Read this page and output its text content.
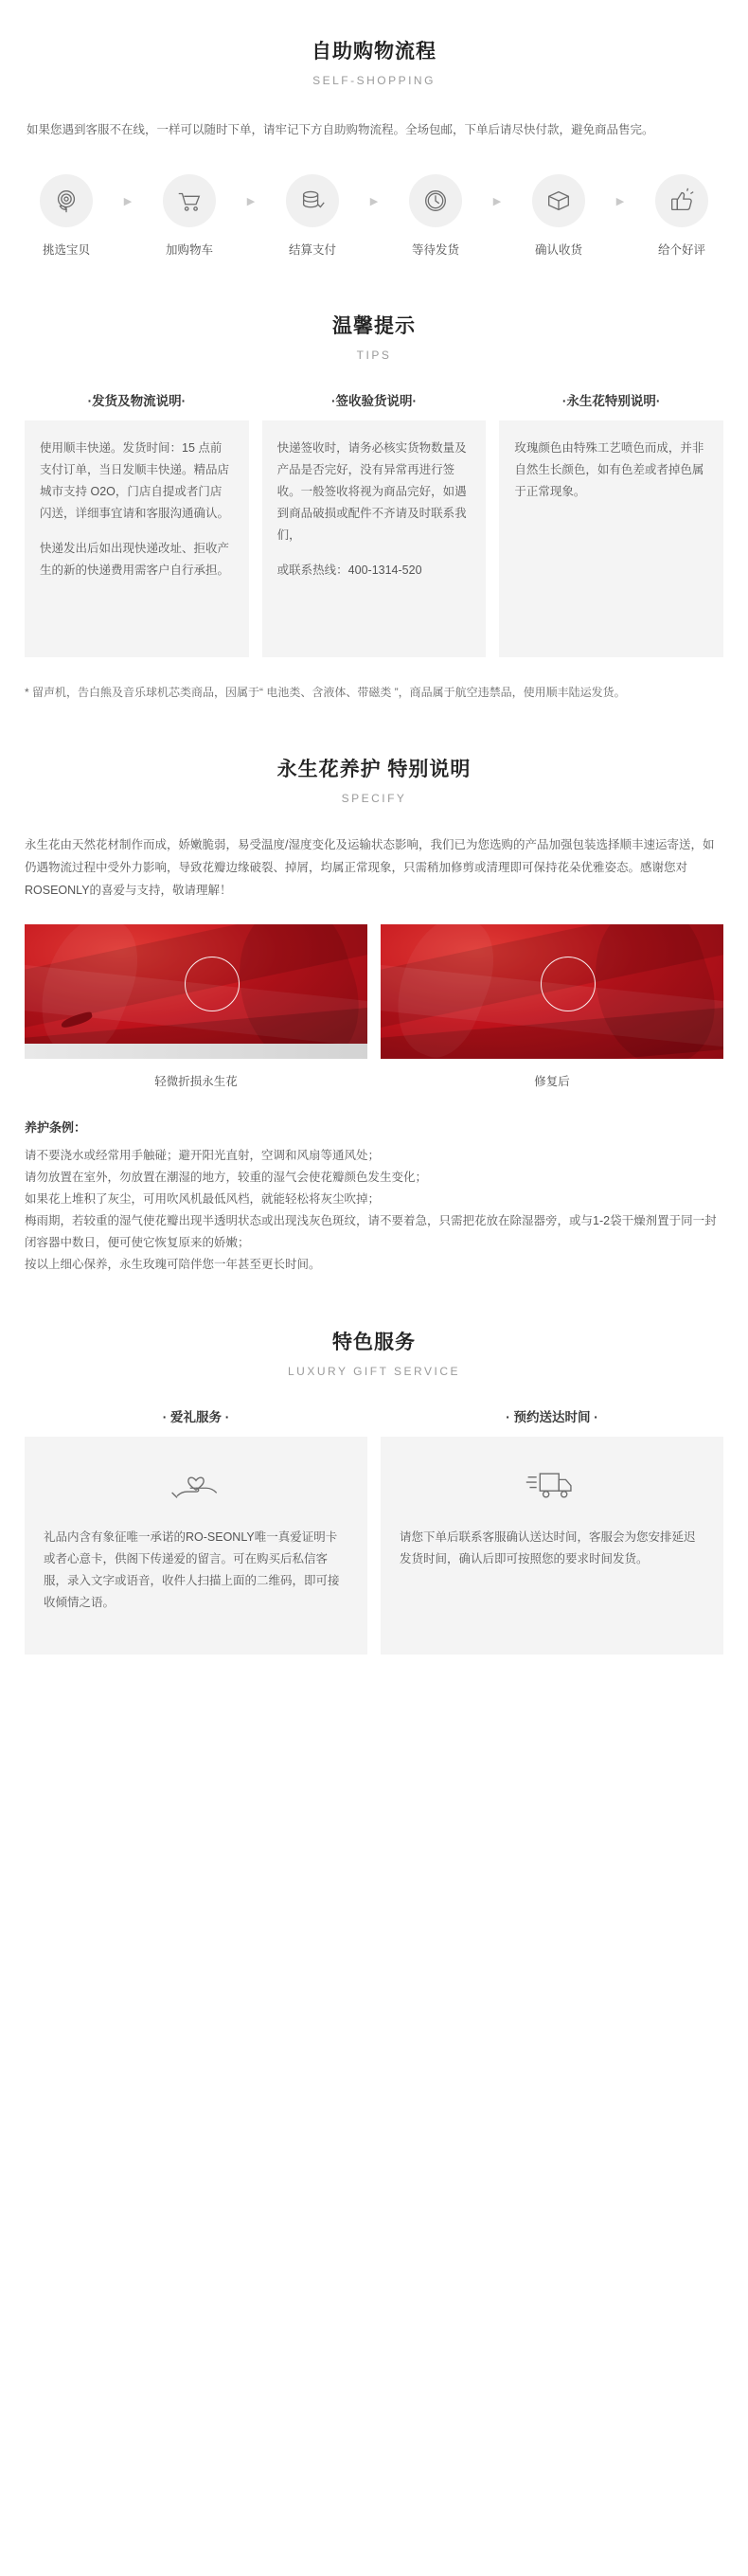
自助购物流程
SELF-SHOPPING

如果您遇到客服不在线，一样可以随时下单，请牢记下方自助购物流程。全场包邮，下单后请尽快付款，避免商品售完。

挑选宝贝
▶
加购物车
▶
结算支付
▶
等待发货
▶
确认收货
▶
给个好评
温馨提示
TIPS
·发货及物流说明·

使用顺丰快递。发货时间：15 点前支付订单，当日发顺丰快递。精品店城市支持 O2O，门店自提或者门店闪送，详细事宜请和客服沟通确认。

快递发出后如出现快递改址、拒收产生的新的快递费用需客户自行承担。

·签收验货说明·

快递签收时，请务必核实货物数量及产品是否完好，没有异常再进行签收。一般签收将视为商品完好，如遇到商品破损或配件不齐请及时联系我们，

或联系热线：400-1314-520

·永生花特别说明·

玫瑰颜色由特殊工艺喷色而成，并非自然生长颜色，如有色差或者掉色属于正常现象。

* 留声机，告白熊及音乐球机芯类商品，因属于“ 电池类、含液体、带磁类 ”，商品属于航空违禁品，使用顺丰陆运发货。

永生花养护 特别说明
SPECIFY

永生花由天然花材制作而成，娇嫩脆弱，易受温度/湿度变化及运输状态影响，我们已为您选购的产品加强包装选择顺丰速运寄送，如仍遇物流过程中受外力影响，导致花瓣边缘破裂、掉屑，均属正常现象，只需稍加修剪或清理即可保持花朵优雅姿态。感谢您对ROSEONLY的喜爱与支持，敬请理解！

轻微折损永生花	修复后
养护条例：
请不要浇水或经常用手触碰；避开阳光直射，空调和风扇等通风处；
请勿放置在室外，勿放置在潮湿的地方，较重的湿气会使花瓣颜色发生变化；
如果花上堆积了灰尘，可用吹风机最低风档，就能轻松将灰尘吹掉；
梅雨期，若较重的湿气使花瓣出现半透明状态或出现浅灰色斑纹，请不要着急，只需把花放在除湿器旁，或与1-2袋干燥剂置于同一封闭容器中数日，便可使它恢复原来的娇嫩；
按以上细心保养，永生玫瑰可陪伴您一年甚至更长时间。
特色服务
LUXURY GIFT SERVICE
· 爱礼服务 ·
礼品内含有象征唯一承诺的RO-SEONLY唯一真爱证明卡或者心意卡，供阁下传递爱的留言。可在购买后私信客服，录入文字或语音，收件人扫描上面的二维码，即可接收倾情之语。
· 预约送达时间 ·
请您下单后联系客服确认送达时间，客服会为您安排延迟发货时间，确认后即可按照您的要求时间发货。
